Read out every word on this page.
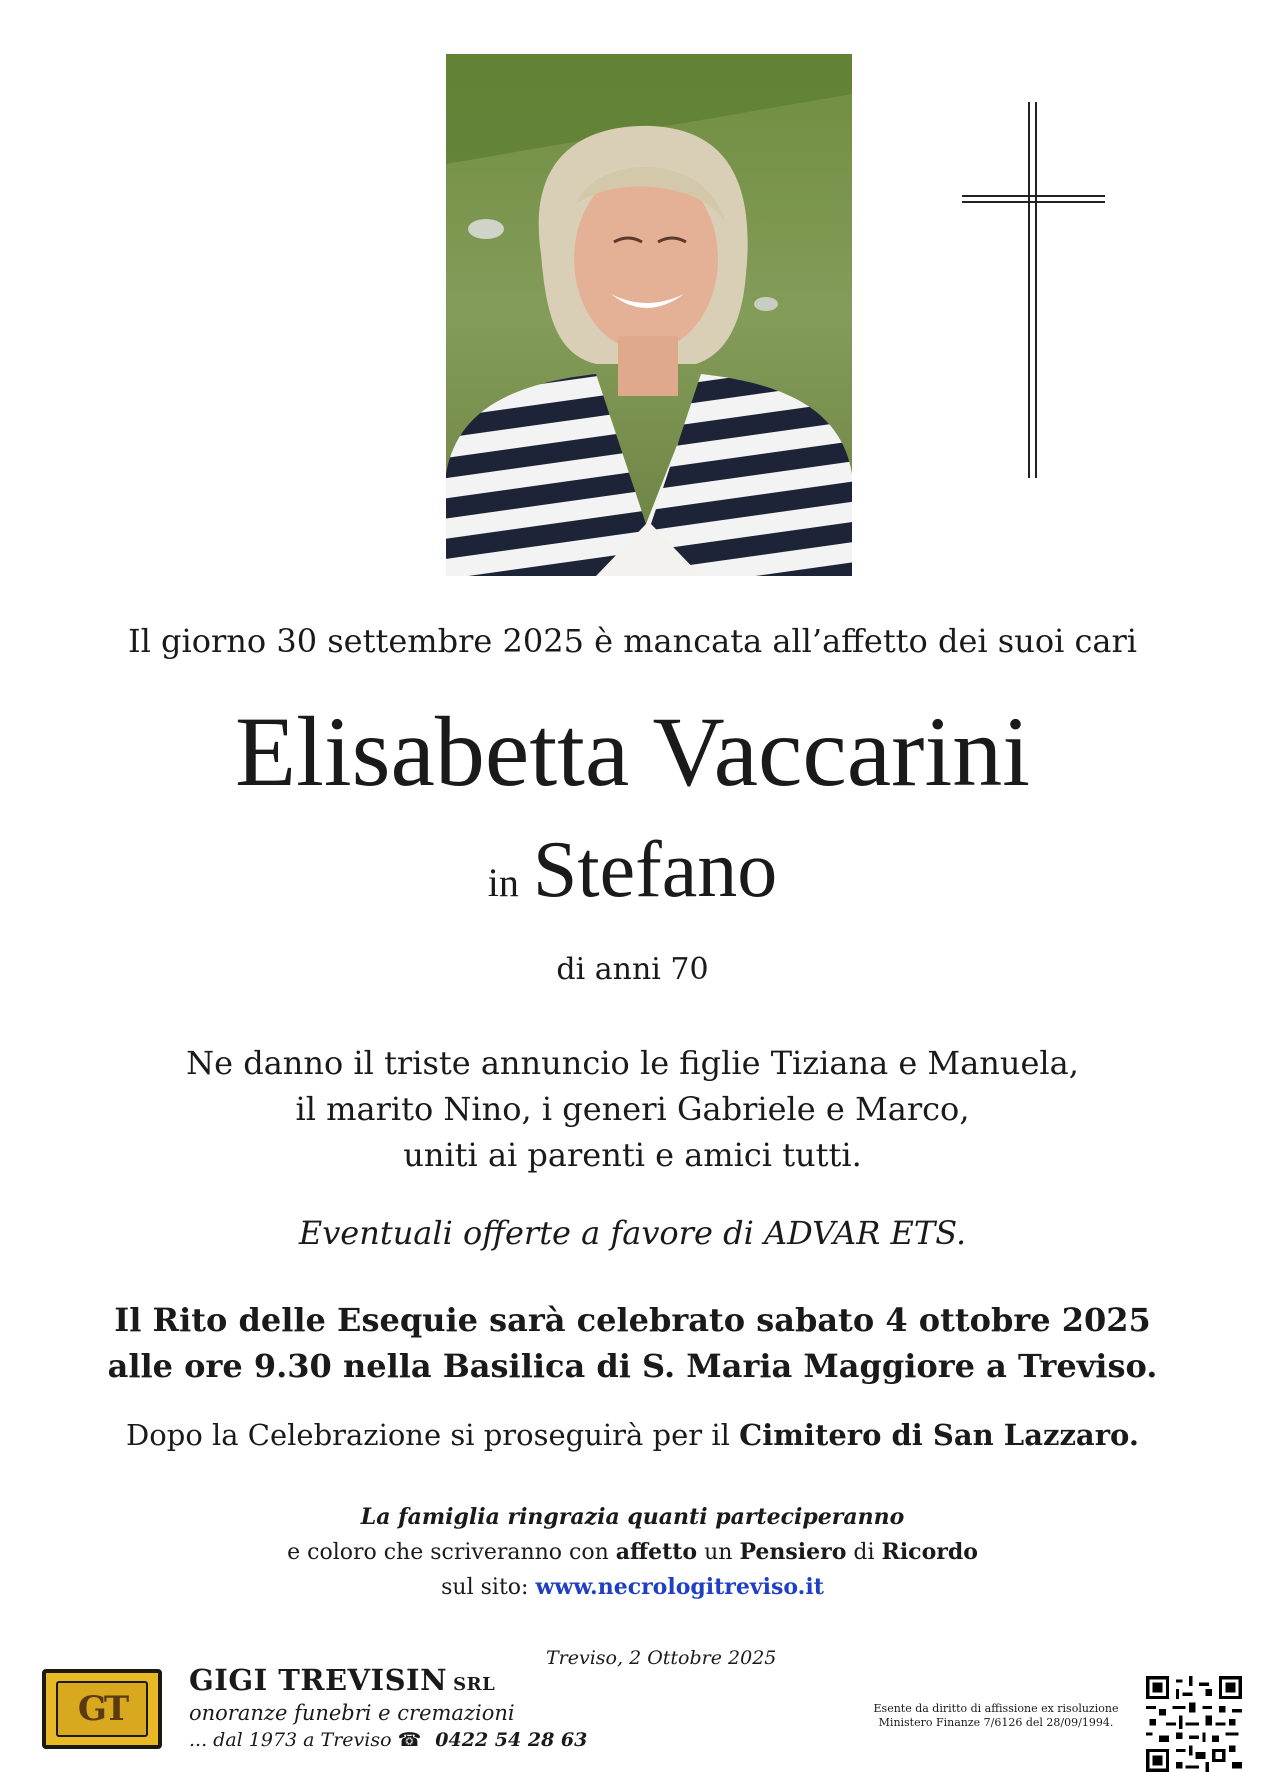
Il giorno 30 settembre 2025 è mancata all’affetto dei suoi cari
Elisabetta Vaccarini
in Stefano
di anni 70
Ne danno il triste annuncio le figlie Tiziana e Manuela,
il marito Nino, i generi Gabriele e Marco,
uniti ai parenti e amici tutti.
Eventuali offerte a favore di ADVAR ETS.
Il Rito delle Esequie sarà celebrato sabato 4 ottobre 2025
alle ore 9.30 nella Basilica di S. Maria Maggiore a Treviso.
Dopo la Celebrazione si proseguirà per il Cimitero di San Lazzaro.
La famiglia ringrazia quanti parteciperanno
e coloro che scriveranno con affetto un Pensiero di Ricordo
sul sito: www.necrologitreviso.it
Treviso, 2 Ottobre 2025
GT
GIGI TREVISIN SRL
onoranze funebri e cremazioni
... dal 1973 a Treviso ☎ 0422 54 28 63
Esente da diritto di affissione ex risoluzione
Ministero Finanze 7/6126 del 28/09/1994.
